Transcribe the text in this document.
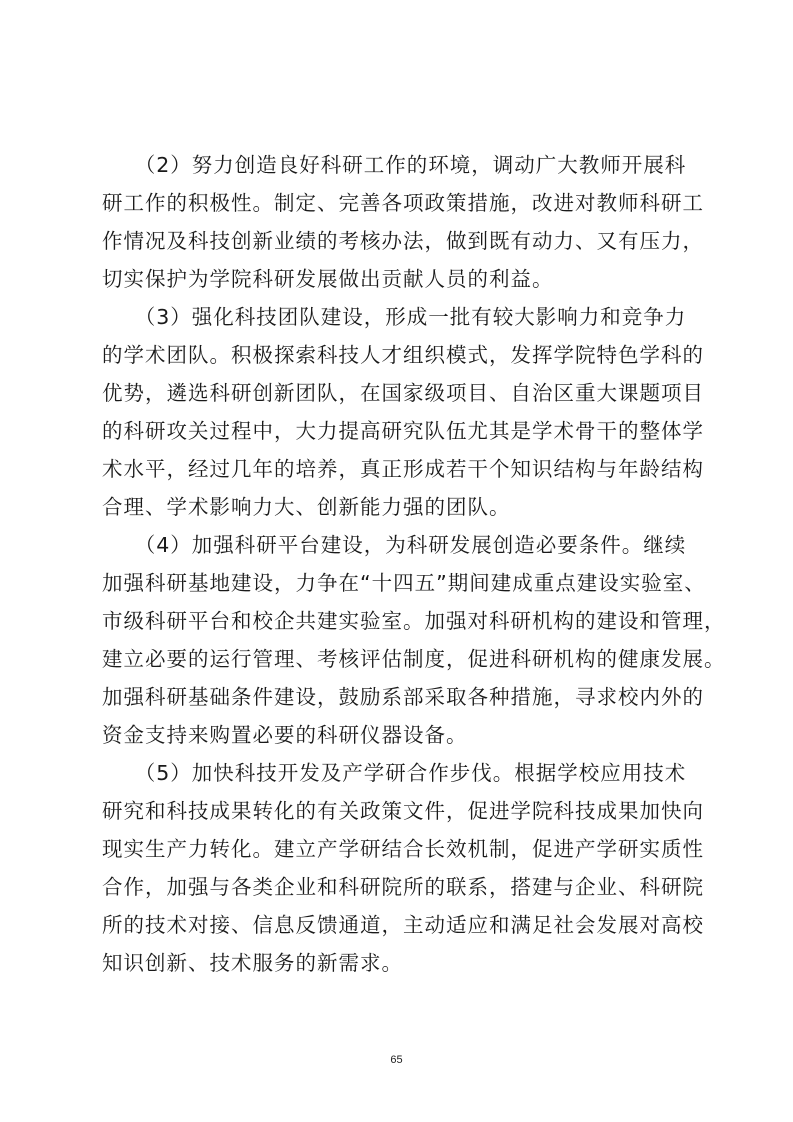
　　（2）努力创造良好科研工作的环境，调动广大教师开展科
研工作的积极性。制定、完善各项政策措施，改进对教师科研工
作情况及科技创新业绩的考核办法，做到既有动力、又有压力，
切实保护为学院科研发展做出贡献人员的利益。

　　（3）强化科技团队建设，形成一批有较大影响力和竞争力
的学术团队。积极探索科技人才组织模式，发挥学院特色学科的
优势，遴选科研创新团队，在国家级项目、自治区重大课题项目
的科研攻关过程中，大力提高研究队伍尤其是学术骨干的整体学
术水平，经过几年的培养，真正形成若干个知识结构与年龄结构
合理、学术影响力大、创新能力强的团队。

　　（4）加强科研平台建设，为科研发展创造必要条件。继续
加强科研基地建设，力争在“十四五”期间建成重点建设实验室、
市级科研平台和校企共建实验室。加强对科研机构的建设和管理，
建立必要的运行管理、考核评估制度，促进科研机构的健康发展。
加强科研基础条件建设，鼓励系部采取各种措施，寻求校内外的
资金支持来购置必要的科研仪器设备。

　　（5）加快科技开发及产学研合作步伐。根据学校应用技术
研究和科技成果转化的有关政策文件，促进学院科技成果加快向
现实生产力转化。建立产学研结合长效机制，促进产学研实质性
合作，加强与各类企业和科研院所的联系，搭建与企业、科研院
所的技术对接、信息反馈通道，主动适应和满足社会发展对高校
知识创新、技术服务的新需求。

65
